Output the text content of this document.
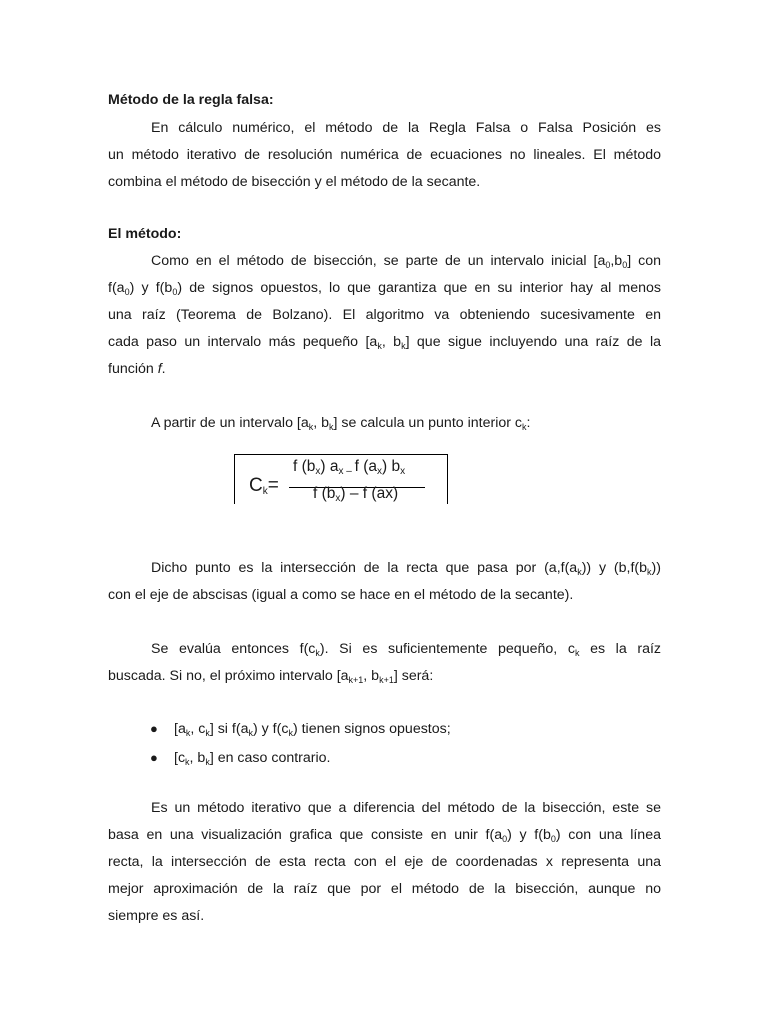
Método de la regla falsa:
En cálculo numérico, el método de la Regla Falsa o Falsa Posición es
un método iterativo de resolución numérica de ecuaciones no lineales. El método
combina el método de bisección y el método de la secante.
El método:
Como en el método de bisección, se parte de un intervalo inicial $[a_0,b_0]$ con
$f(a_0)$ y $f(b_0)$ de signos opuestos, lo que garantiza que en su interior hay al menos
una raíz (Teorema de Bolzano). El algoritmo va obteniendo sucesivamente en
cada paso un intervalo más pequeño [$a_k$, $b_k$] que sigue incluyendo una raíz de la
función f.
A partir de un intervalo [$a_k$, $b_k$] se calcula un punto interior $c_k$:
$C_k=$
f $(b_x)$ $a_{x -}$ f $(a_x)$ $b_x$
f $(b_x)$ – f (ax)
Dicho punto es la intersección de la recta que pasa por $(a,f(a_k))$ y $(b,f(b_k))$
con el eje de abscisas (igual a como se hace en el método de la secante).
Se evalúa entonces $f(c_k)$. Si es suficientemente pequeño, $c_k$ es la raíz
buscada. Si no, el próximo intervalo [$a_{k+1}$, $b_{k+1}$] será:
● [$a_k$, $c_k$] si $f(a_k)$ y $f(c_k)$ tienen signos opuestos;
● [$c_k$, $b_k$] en caso contrario.
Es un método iterativo que a diferencia del método de la bisección, este se
basa en una visualización grafica que consiste en unir $f(a_0)$ y $f(b_0)$ con una línea
recta, la intersección de esta recta con el eje de coordenadas x representa una
mejor aproximación de la raíz que por el método de la bisección, aunque no
siempre es así.
